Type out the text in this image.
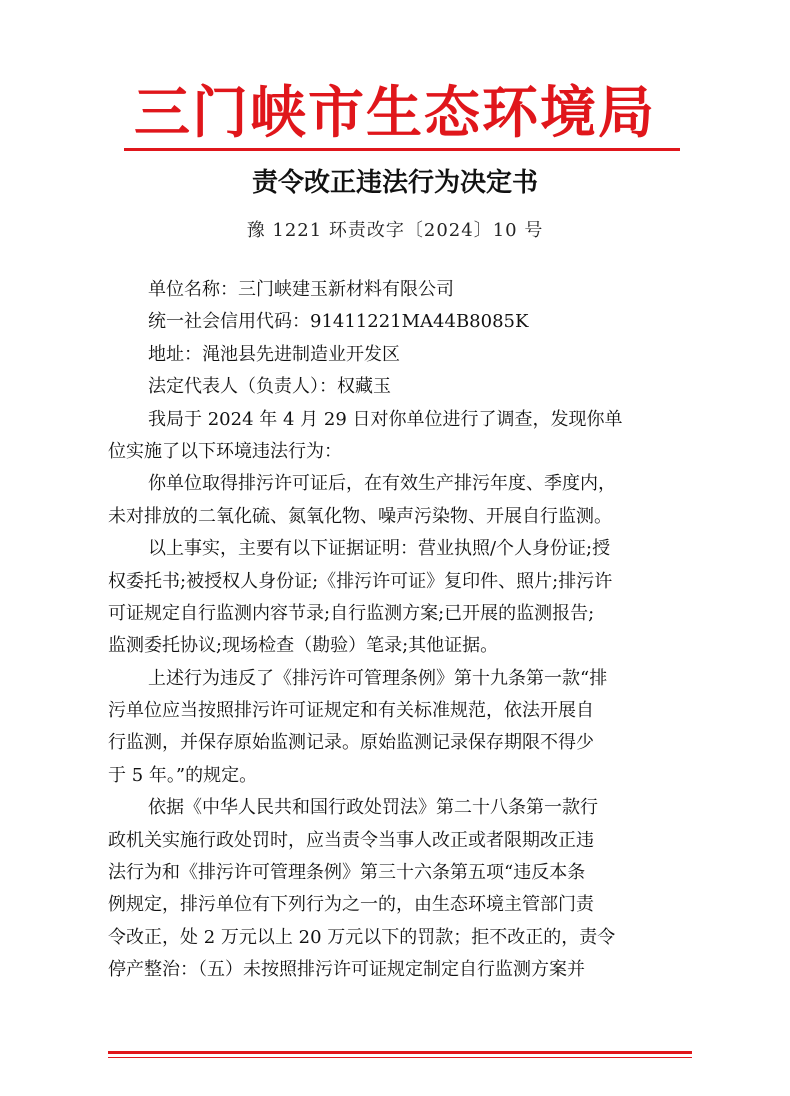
三门峡市生态环境局
责令改正违法行为决定书
豫 1221 环责改字〔2024〕10 号
单位名称：三门峡建玉新材料有限公司
统一社会信用代码：91411221MA44B8085K
地址：渑池县先进制造业开发区
法定代表人（负责人）：权藏玉
我局于 2024 年 4 月 29 日对你单位进行了调查，发现你单
位实施了以下环境违法行为：
你单位取得排污许可证后，在有效生产排污年度、季度内，
未对排放的二氧化硫、氮氧化物、噪声污染物、开展自行监测。
以上事实，主要有以下证据证明：营业执照/个人身份证;授
权委托书;被授权人身份证;《排污许可证》复印件、照片;排污许
可证规定自行监测内容节录;自行监测方案;已开展的监测报告;
监测委托协议;现场检查（勘验）笔录;其他证据。
上述行为违反了《排污许可管理条例》第十九条第一款“排
污单位应当按照排污许可证规定和有关标准规范，依法开展自
行监测，并保存原始监测记录。原始监测记录保存期限不得少
于 5 年。”的规定。
依据《中华人民共和国行政处罚法》第二十八条第一款行
政机关实施行政处罚时，应当责令当事人改正或者限期改正违
法行为和《排污许可管理条例》第三十六条第五项“违反本条
例规定，排污单位有下列行为之一的，由生态环境主管部门责
令改正，处 2 万元以上 20 万元以下的罚款；拒不改正的，责令
停产整治：（五）未按照排污许可证规定制定自行监测方案并
